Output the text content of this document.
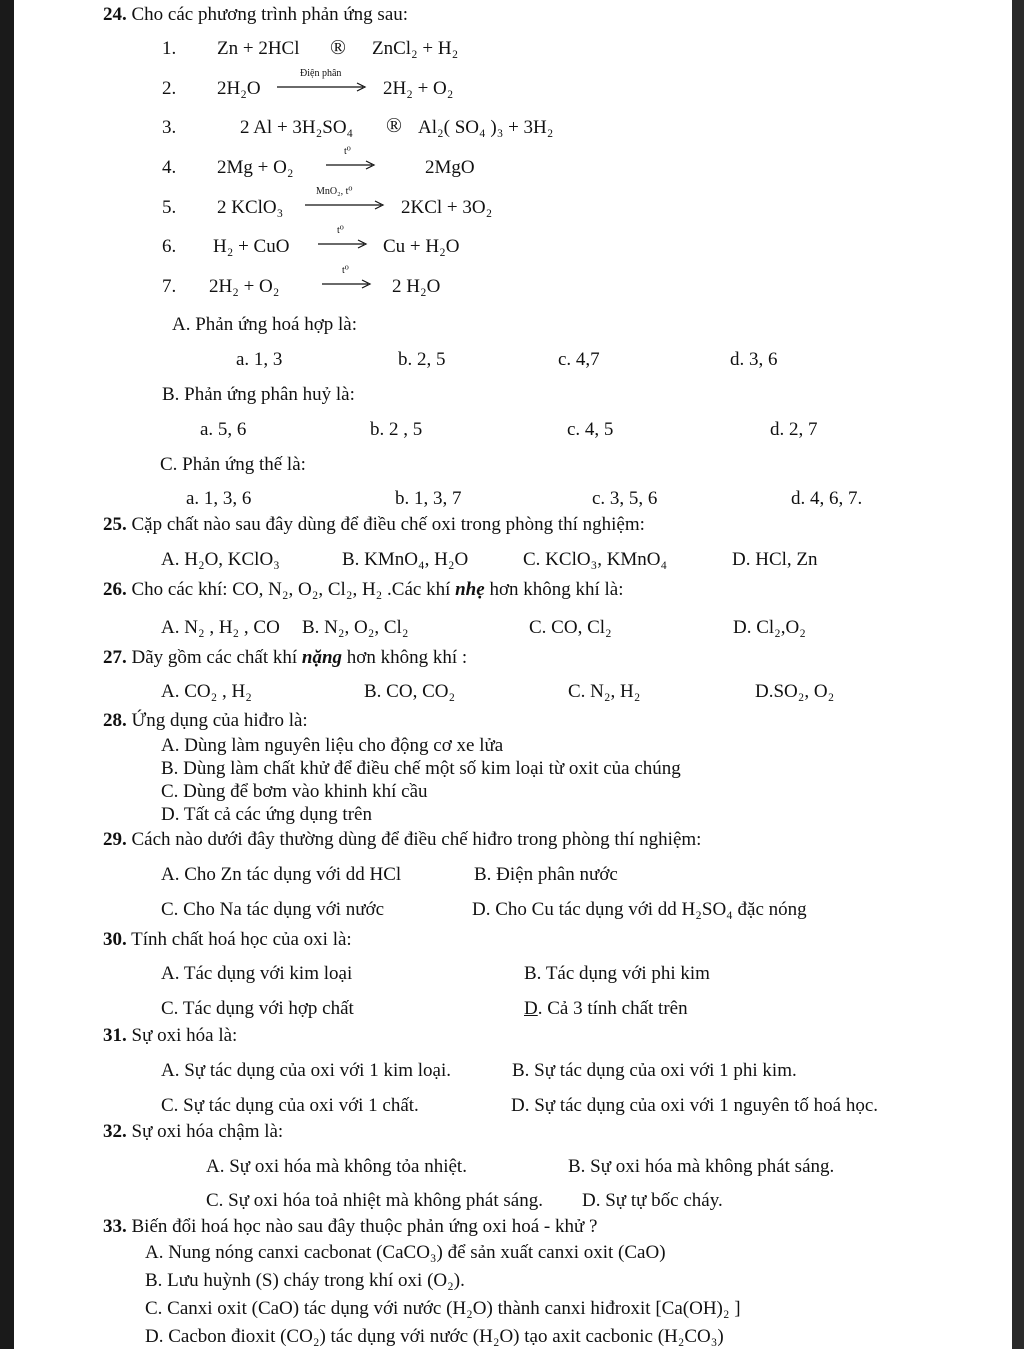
24. Cho các phương trình phản ứng sau:
1. Zn + 2HCl ® ZnCl₂ + H₂
2. 2H₂O
Điện phân
2H₂ + O₂
3.	2 Al + 3H₂SO₄ ® Al₂( SO₄ )₃ + 3H₂
4. 2Mg + O₂
t⁰
2MgO
5. 2 KClO₃
MnO₂, t⁰
2KCl + 3O₂
6. H₂ + CuO
t⁰
Cu + H₂O
7. 2H₂ + O₂
t⁰
2 H₂O
A. Phản ứng hoá hợp là:
a. 1, 3	b. 2, 5	c. 4,7	d. 3, 6
B. Phản ứng phân huỷ là:
a. 5, 6	b. 2 , 5	c. 4, 5	d. 2, 7
C. Phản ứng thế là:
a. 1, 3, 6	b. 1, 3, 7	c. 3, 5, 6	d. 4, 6, 7.
25. Cặp chất nào sau đây dùng để điều chế oxi trong phòng thí nghiệm:
A. H₂O, KClO₃	B. KMnO₄, H₂O	C. KClO₃, KMnO₄	D. HCl, Zn
26. Cho các khí: CO, N₂, O₂, Cl₂, H₂ .Các khí nhẹ hơn không khí là:
A. N₂ , H₂ , CO B. N₂, O₂, Cl₂	C. CO, Cl₂	D. Cl₂,O₂
27. Dãy gồm các chất khí nặng hơn không khí :
A. CO₂ , H₂	B. CO, CO₂	C. N₂, H₂	D.SO₂, O₂
28. Ứng dụng của hiđro là:
A. Dùng làm nguyên liệu cho động cơ xe lửa
B. Dùng làm chất khử để điều chế một số kim loại từ oxit của chúng
C. Dùng để bơm vào khinh khí cầu
D. Tất cả các ứng dụng trên
29. Cách nào dưới đây thường dùng để điều chế hiđro trong phòng thí nghiệm:
A. Cho Zn tác dụng với dd HCl	B. Điện phân nước
C. Cho Na tác dụng với nước	D. Cho Cu tác dụng với dd H₂SO₄ đặc nóng
30. Tính chất hoá học của oxi là:
A. Tác dụng với kim loại	B. Tác dụng với phi kim
C. Tác dụng với hợp chất	D. Cả 3 tính chất trên
31. Sự oxi hóa là:
A. Sự tác dụng của oxi với 1 kim loại.	B. Sự tác dụng của oxi với 1 phi kim.
C. Sự tác dụng của oxi với 1 chất.	D. Sự tác dụng của oxi với 1 nguyên tố hoá học.
32. Sự oxi hóa chậm là:
A. Sự oxi hóa mà không tỏa nhiệt.	B. Sự oxi hóa mà không phát sáng.
C. Sự oxi hóa toả nhiệt mà không phát sáng. D. Sự tự bốc cháy.
33. Biến đổi hoá học nào sau đây thuộc phản ứng oxi hoá - khử ?
A. Nung nóng canxi cacbonat (CaCO₃) để sản xuất canxi oxit (CaO)
B. Lưu huỳnh (S) cháy trong khí oxi (O₂).
C. Canxi oxit (CaO) tác dụng với nước (H₂O) thành canxi hiđroxit [Ca(OH)₂ ]
D. Cacbon đioxit (CO₂) tác dụng với nước (H₂O) tạo axit cacbonic (H₂CO₃)
